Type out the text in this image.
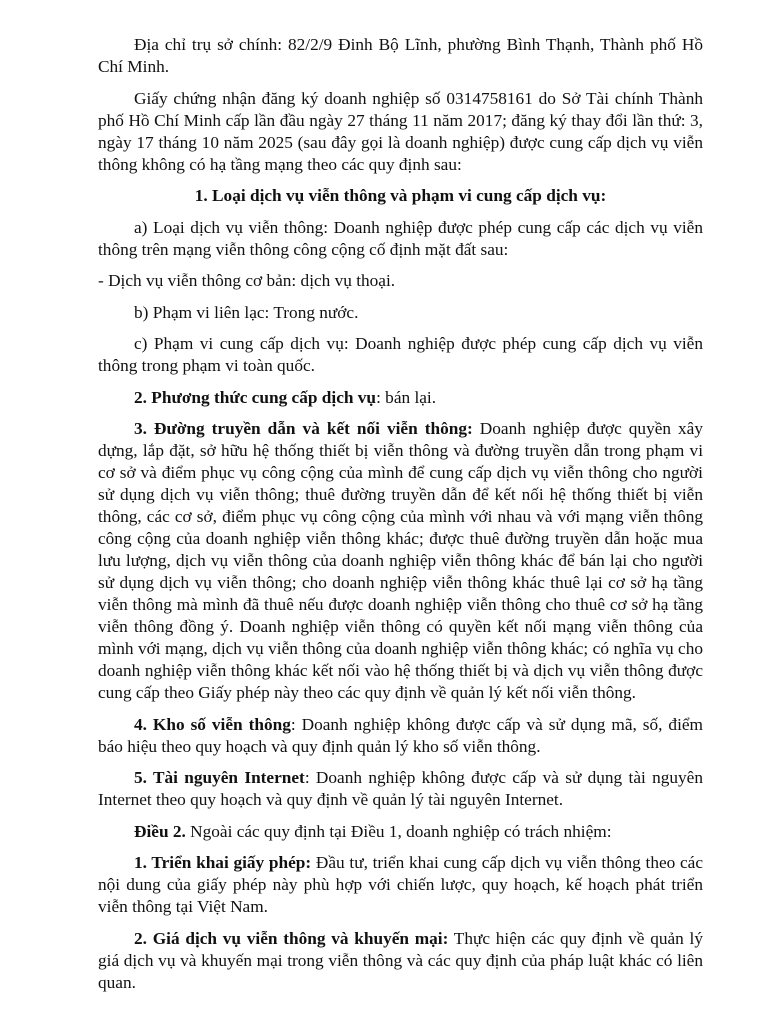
Địa chỉ trụ sở chính: 82/2/9 Đinh Bộ Lĩnh, phường Bình Thạnh, Thành phố Hồ Chí Minh.

Giấy chứng nhận đăng ký doanh nghiệp số 0314758161 do Sở Tài chính Thành phố Hồ Chí Minh cấp lần đầu ngày 27 tháng 11 năm 2017; đăng ký thay đổi lần thứ: 3, ngày 17 tháng 10 năm 2025 (sau đây gọi là doanh nghiệp) được cung cấp dịch vụ viễn thông không có hạ tầng mạng theo các quy định sau:

1. Loại dịch vụ viễn thông và phạm vi cung cấp dịch vụ:

a) Loại dịch vụ viễn thông: Doanh nghiệp được phép cung cấp các dịch vụ viễn thông trên mạng viễn thông công cộng cố định mặt đất sau:

- Dịch vụ viễn thông cơ bản: dịch vụ thoại.

b) Phạm vi liên lạc: Trong nước.

c) Phạm vi cung cấp dịch vụ: Doanh nghiệp được phép cung cấp dịch vụ viễn thông trong phạm vi toàn quốc.

2. Phương thức cung cấp dịch vụ: bán lại.

3. Đường truyền dẫn và kết nối viễn thông: Doanh nghiệp được quyền xây dựng, lắp đặt, sở hữu hệ thống thiết bị viễn thông và đường truyền dẫn trong phạm vi cơ sở và điểm phục vụ công cộng của mình để cung cấp dịch vụ viễn thông cho người sử dụng dịch vụ viễn thông; thuê đường truyền dẫn để kết nối hệ thống thiết bị viễn thông, các cơ sở, điểm phục vụ công cộng của mình với nhau và với mạng viễn thông công cộng của doanh nghiệp viễn thông khác; được thuê đường truyền dẫn hoặc mua lưu lượng, dịch vụ viễn thông của doanh nghiệp viễn thông khác để bán lại cho người sử dụng dịch vụ viễn thông; cho doanh nghiệp viễn thông khác thuê lại cơ sở hạ tầng viễn thông mà mình đã thuê nếu được doanh nghiệp viễn thông cho thuê cơ sở hạ tầng viễn thông đồng ý. Doanh nghiệp viễn thông có quyền kết nối mạng viễn thông của mình với mạng, dịch vụ viễn thông của doanh nghiệp viễn thông khác; có nghĩa vụ cho doanh nghiệp viễn thông khác kết nối vào hệ thống thiết bị và dịch vụ viễn thông được cung cấp theo Giấy phép này theo các quy định về quản lý kết nối viễn thông.

4. Kho số viễn thông: Doanh nghiệp không được cấp và sử dụng mã, số, điểm báo hiệu theo quy hoạch và quy định quản lý kho số viễn thông.

5. Tài nguyên Internet: Doanh nghiệp không được cấp và sử dụng tài nguyên Internet theo quy hoạch và quy định về quản lý tài nguyên Internet.

Điều 2. Ngoài các quy định tại Điều 1, doanh nghiệp có trách nhiệm:

1. Triển khai giấy phép: Đầu tư, triển khai cung cấp dịch vụ viễn thông theo các nội dung của giấy phép này phù hợp với chiến lược, quy hoạch, kế hoạch phát triển viễn thông tại Việt Nam.

2. Giá dịch vụ viễn thông và khuyến mại: Thực hiện các quy định về quản lý giá dịch vụ và khuyến mại trong viễn thông và các quy định của pháp luật khác có liên quan.
